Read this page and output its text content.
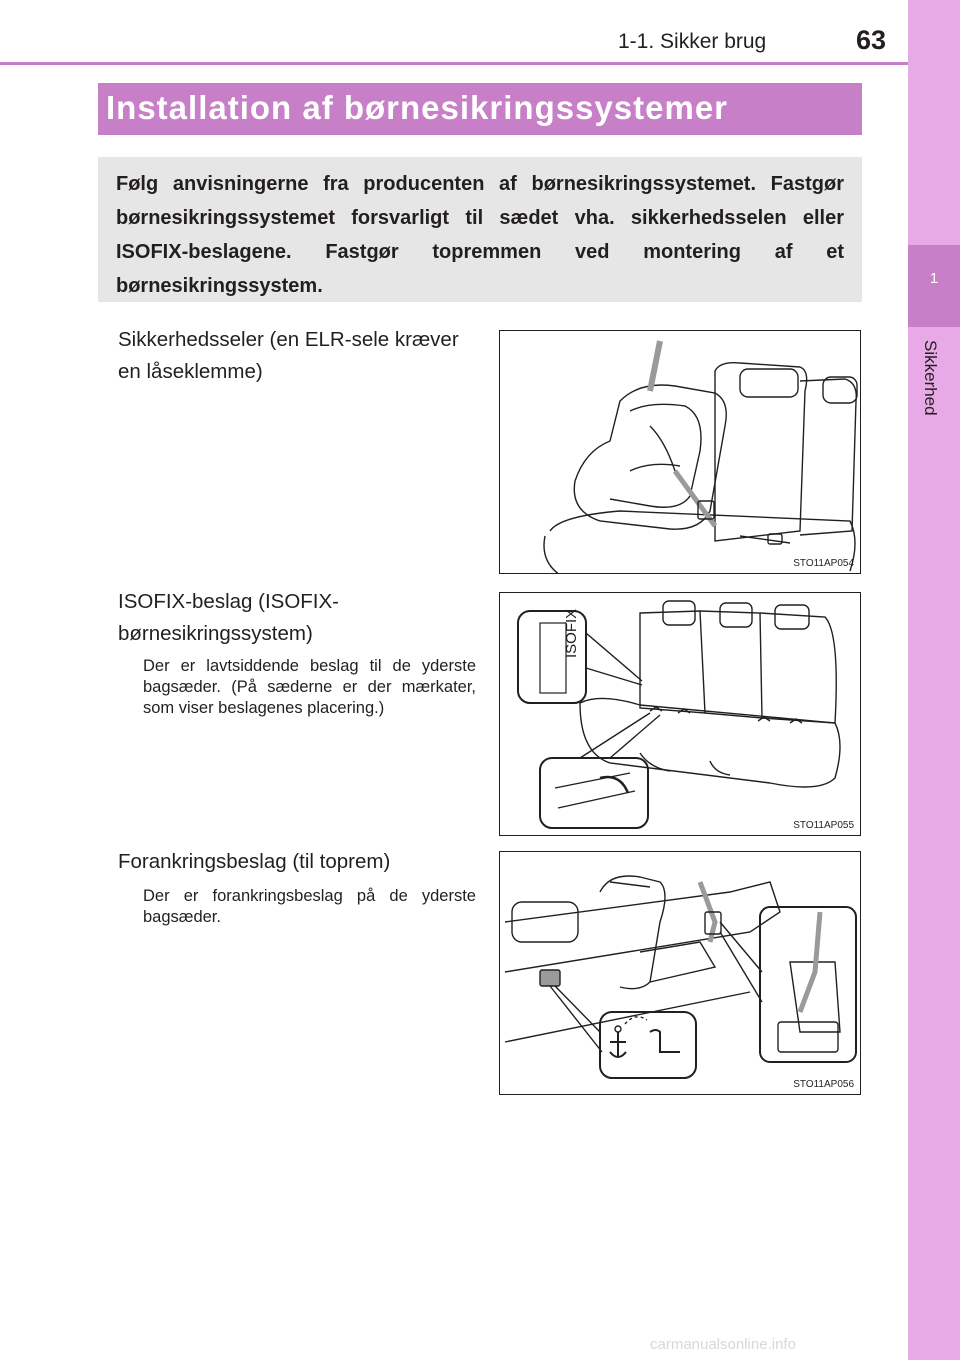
1-1. Sikker brug	63
1
Sikkerhed
Installation af børnesikringssystemer
Følg anvisningerne fra producenten af børnesikringssystemet. Fastgør børnesikringssystemet forsvarligt til sædet vha. sikkerhedsselen eller ISOFIX-beslagene. Fastgør topremmen ved montering af et børnesikringssystem.
Sikkerhedsseler (en ELR-sele kræver en låseklemme)
STO11AP054
ISOFIX-beslag (ISOFIX-børnesikringssystem)
Der er lavtsiddende beslag til de yderste bagsæder. (På sæderne er der mærkater, som viser beslagenes placering.)
ISOFIX
STO11AP055
Forankringsbeslag (til toprem)
Der er forankringsbeslag på de yderste bagsæder.
STO11AP056
carmanualsonline.info
